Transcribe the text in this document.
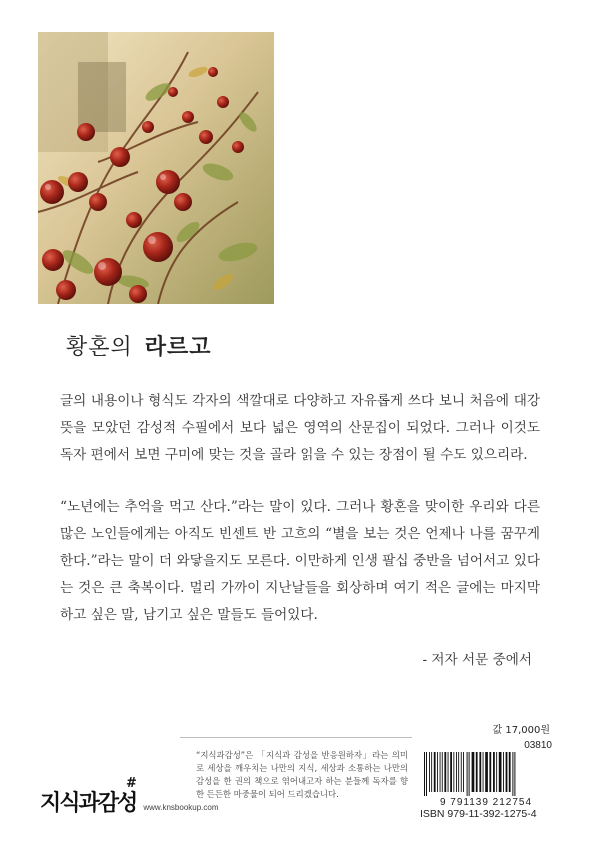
황혼의 라르고

글의 내용이나 형식도 각자의 색깔대로 다양하고 자유롭게 쓰다 보니 처음에 대강 뜻을 모았던 감성적 수필에서 보다 넓은 영역의 산문집이 되었다. 그러나 이것도 독자 편에서 보면 구미에 맞는 것을 골라 읽을 수 있는 장점이 될 수도 있으리라.

“노년에는 추억을 먹고 산다.”라는 말이 있다. 그러나 황혼을 맞이한 우리와 다른 많은 노인들에게는 아직도 빈센트 반 고흐의 “별을 보는 것은 언제나 나를 꿈꾸게 한다.”라는 말이 더 와닿을지도 모른다. 이만하게 인생 팔십 중반을 넘어서고 있다는 것은 큰 축복이다. 멀리 가까이 지난날들을 회상하며 여기 적은 글에는 마지막 하고 싶은 말, 남기고 싶은 말들도 들어있다.

- 저자 서문 중에서
지식과감성
#
www.knsbookup.com
“지식과감성”은 「지식과 감성을 반응원하자」라는 의미로 세상을 깨우치는 나만의 지식, 세상과 소통하는 나만의 감성을 한 권의 책으로 엮어내고자 하는 분들께 독자를 향한 든든한 마중물이 되어 드리겠습니다.
값 17,000원
03810
9 791139 212754
ISBN 979-11-392-1275-4
